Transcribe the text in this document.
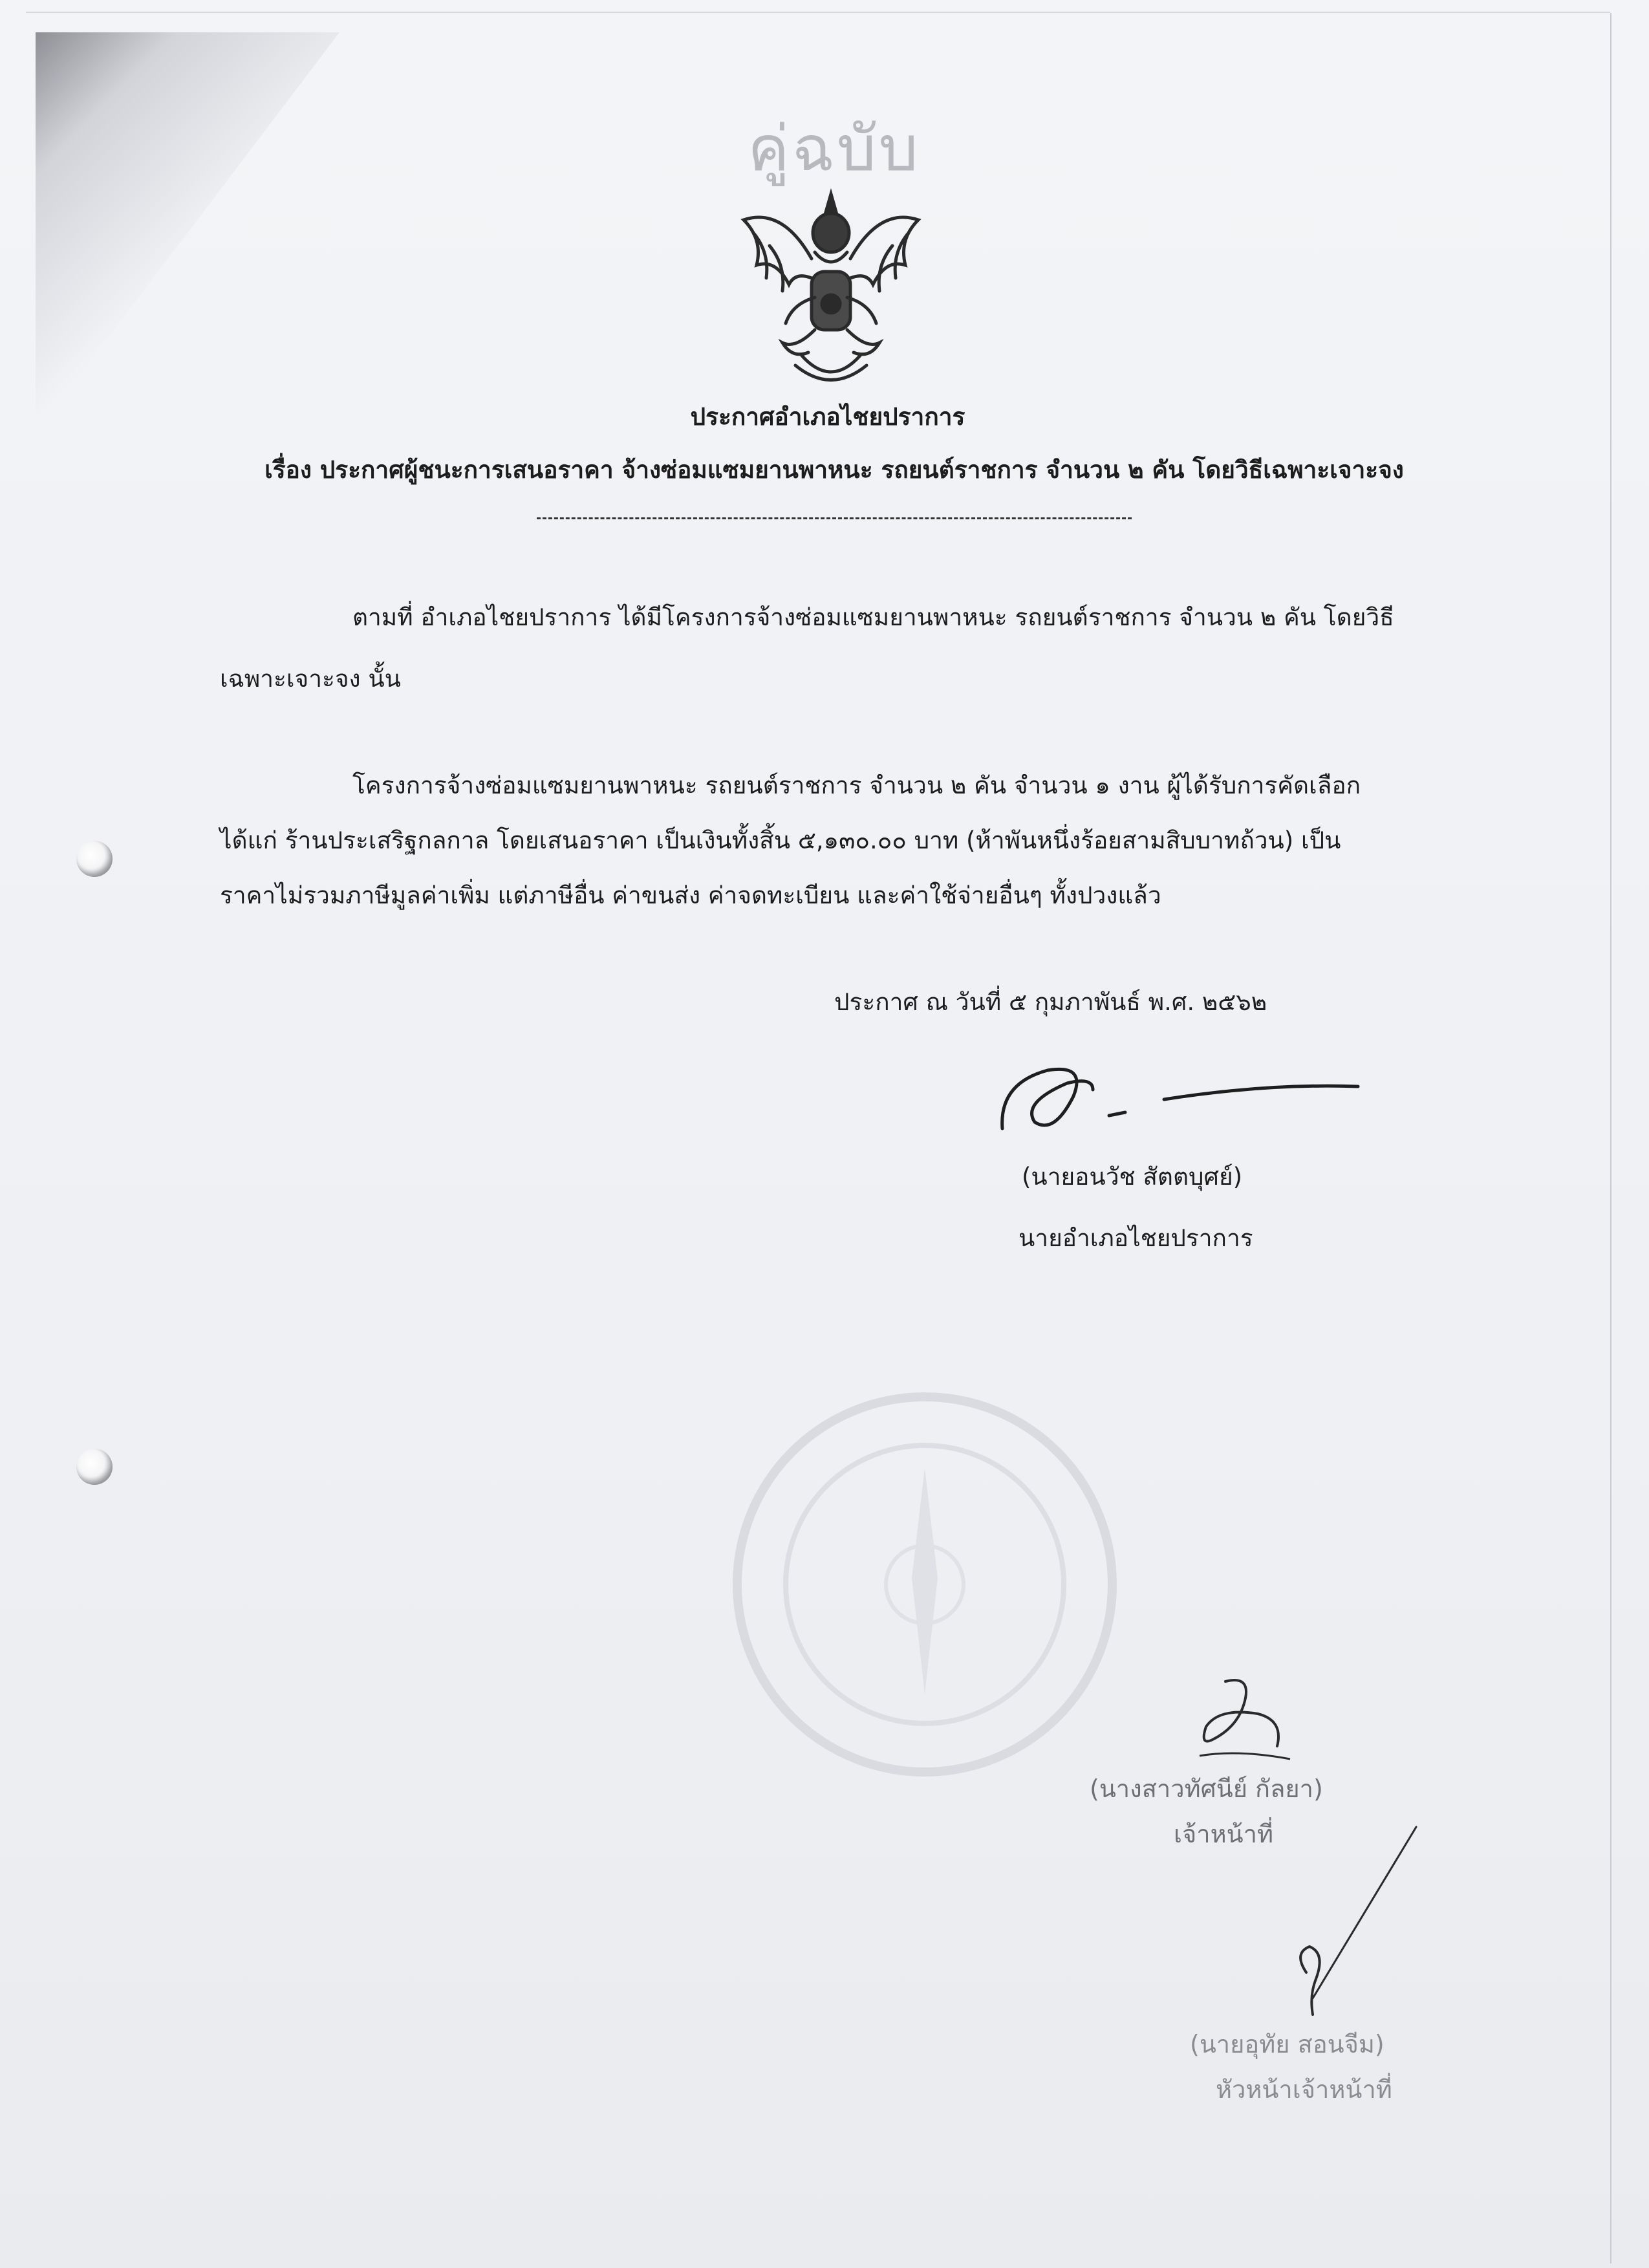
คู่ฉบับ
ประกาศอำเภอไชยปราการ
เรื่อง ประกาศผู้ชนะการเสนอราคา จ้างซ่อมแซมยานพาหนะ รถยนต์ราชการ จำนวน ๒ คัน โดยวิธีเฉพาะเจาะจง
ตามที่ อำเภอไชยปราการ ได้มีโครงการจ้างซ่อมแซมยานพาหนะ รถยนต์ราชการ จำนวน ๒ คัน โดยวิธี
เฉพาะเจาะจง นั้น
โครงการจ้างซ่อมแซมยานพาหนะ รถยนต์ราชการ จำนวน ๒ คัน จำนวน ๑ งาน ผู้ได้รับการคัดเลือก
ได้แก่ ร้านประเสริฐกลกาล โดยเสนอราคา เป็นเงินทั้งสิ้น ๕,๑๓๐.๐๐ บาท (ห้าพันหนึ่งร้อยสามสิบบาทถ้วน) เป็น
ราคาไม่รวมภาษีมูลค่าเพิ่ม แต่ภาษีอื่น ค่าขนส่ง ค่าจดทะเบียน และค่าใช้จ่ายอื่นๆ ทั้งปวงแล้ว
ประกาศ ณ วันที่ ๕ กุมภาพันธ์ พ.ศ. ๒๕๖๒
(นายอนวัช สัตตบุศย์)
นายอำเภอไชยปราการ
(นางสาวทัศนีย์ กัลยา)
เจ้าหน้าที่
(นายอุทัย สอนจีม)
หัวหน้าเจ้าหน้าที่
